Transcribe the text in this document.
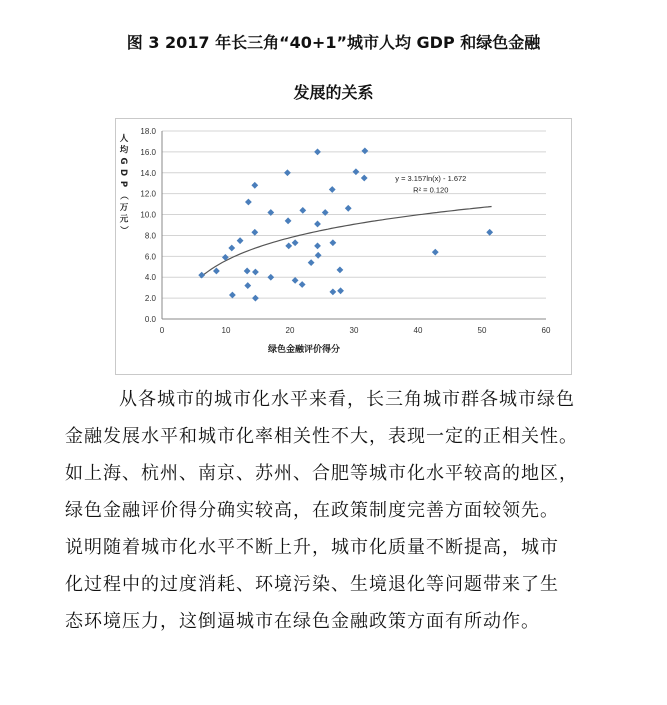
图 3 2017 年长三角“40+1”城市人均 GDP 和绿色金融
发展的关系
0.0
2.0
4.0
6.0
8.0
10.0
12.0
14.0
16.0
18.0
0	10	20	30	40	50	60
绿色金融评价得分
人
均
G
D
P
（
万
元
）
y = 3.157ln(x) - 1.672
R² = 0.120
从各城市的城市化水平来看，长三角城市群各城市绿色
金融发展水平和城市化率相关性不大，表现一定的正相关性。
如上海、杭州、南京、苏州、合肥等城市化水平较高的地区，
绿色金融评价得分确实较高，在政策制度完善方面较领先。
说明随着城市化水平不断上升，城市化质量不断提高，城市
化过程中的过度消耗、环境污染、生境退化等问题带来了生
态环境压力，这倒逼城市在绿色金融政策方面有所动作。
